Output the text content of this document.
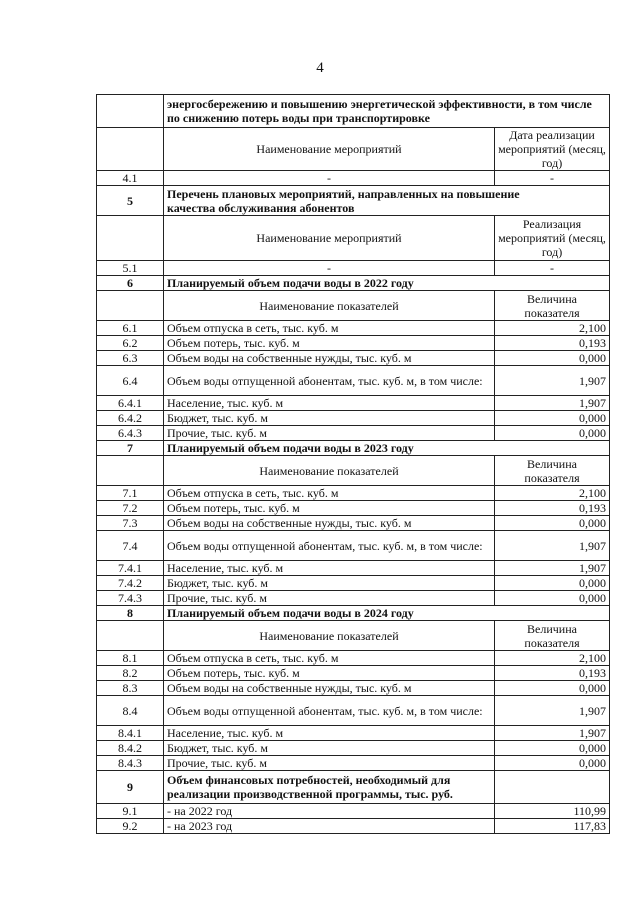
4
	энергосбережению и повышению энергетической эффективности, в том числе по снижению потерь воды при транспортировке	
	Наименование мероприятий	Дата реализации мероприятий (месяц, год)
4.1	-	-
5	Перечень плановых мероприятий, направленных на повышение
качества обслуживания абонентов	

	Наименование мероприятий	Реализация мероприятий (месяц, год)
5.1	-	-
6	Планируемый объем подачи воды в 2022 году	
	Наименование показателей	Величина показателя
6.1	Объем отпуска в сеть, тыс. куб. м	2,100
6.2	Объем потерь, тыс. куб. м	0,193
6.3	Объем воды на собственные нужды, тыс. куб. м	0,000
6.4	Объем воды отпущенной абонентам, тыс. куб. м, в том числе:	1,907
6.4.1	Население, тыс. куб. м	1,907
6.4.2	Бюджет, тыс. куб. м	0,000
6.4.3	Прочие, тыс. куб. м	0,000
7	Планируемый объем подачи воды в 2023 году	
	Наименование показателей	Величина показателя
7.1	Объем отпуска в сеть, тыс. куб. м	2,100
7.2	Объем потерь, тыс. куб. м	0,193
7.3	Объем воды на собственные нужды, тыс. куб. м	0,000
7.4	Объем воды отпущенной абонентам, тыс. куб. м, в том числе:	1,907
7.4.1	Население, тыс. куб. м	1,907
7.4.2	Бюджет, тыс. куб. м	0,000
7.4.3	Прочие, тыс. куб. м	0,000
8	Планируемый объем подачи воды в 2024 году	
	Наименование показателей	Величина показателя
8.1	Объем отпуска в сеть, тыс. куб. м	2,100
8.2	Объем потерь, тыс. куб. м	0,193
8.3	Объем воды на собственные нужды, тыс. куб. м	0,000
8.4	Объем воды отпущенной абонентам, тыс. куб. м, в том числе:	1,907
8.4.1	Население, тыс. куб. м	1,907
8.4.2	Бюджет, тыс. куб. м	0,000
8.4.3	Прочие, тыс. куб. м	0,000
9	Объем финансовых потребностей, необходимый для реализации производственной программы, тыс. руб.	
9.1	- на 2022 год	110,99
9.2	- на 2023 год	117,83
